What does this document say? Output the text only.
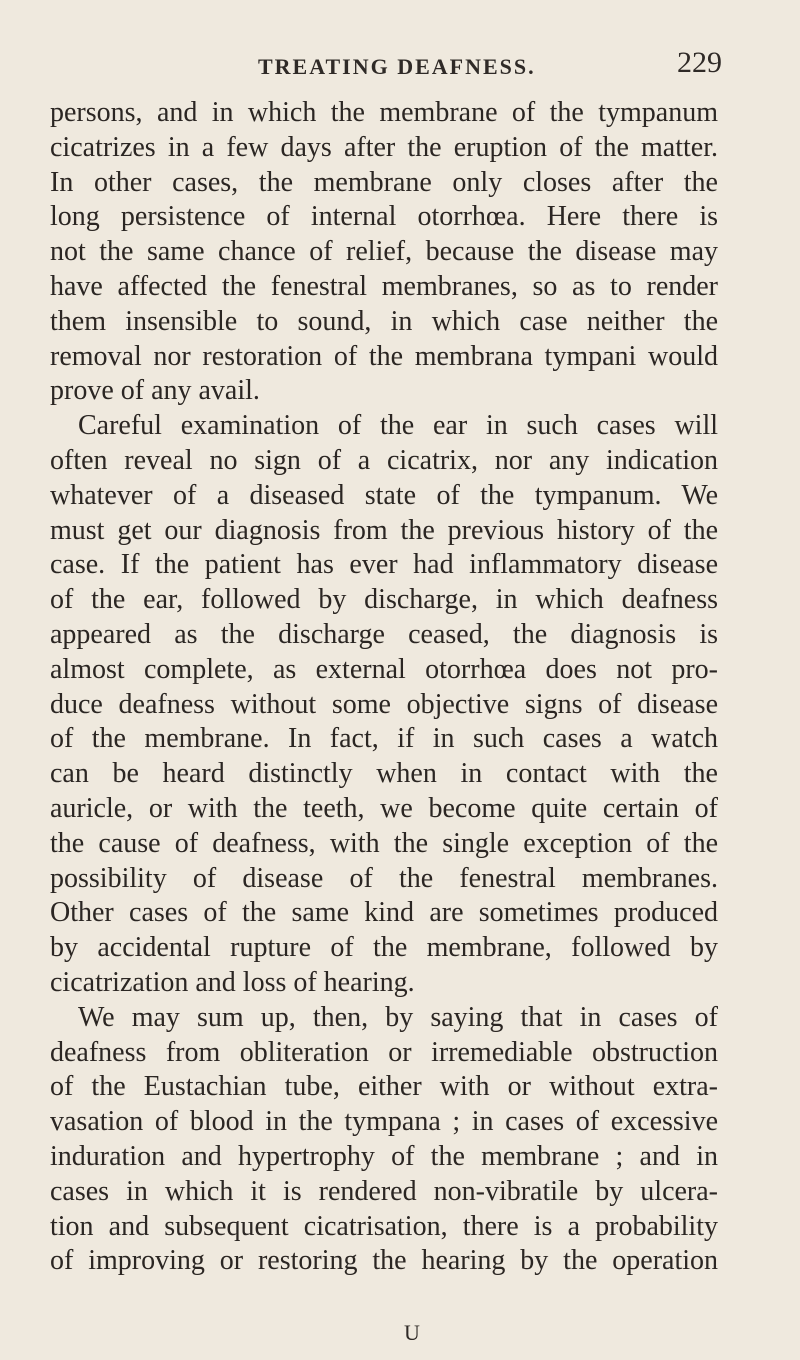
TREATING DEAFNESS.	229
persons, and in which the membrane of the tympanum
cicatrizes in a few days after the eruption of the matter.
In other cases, the membrane only closes after the
long persistence of internal otorrhœa. Here there is
not the same chance of relief, because the disease may
have affected the fenestral membranes, so as to render
them insensible to sound, in which case neither the
removal nor restoration of the membrana tympani would
prove of any avail.
Careful examination of the ear in such cases will
often reveal no sign of a cicatrix, nor any indication
whatever of a diseased state of the tympanum. We
must get our diagnosis from the previous history of the
case. If the patient has ever had inflammatory disease
of the ear, followed by discharge, in which deafness
appeared as the discharge ceased, the diagnosis is
almost complete, as external otorrhœa does not pro-
duce deafness without some objective signs of disease
of the membrane. In fact, if in such cases a watch
can be heard distinctly when in contact with the
auricle, or with the teeth, we become quite certain of
the cause of deafness, with the single exception of the
possibility of disease of the fenestral membranes.
Other cases of the same kind are sometimes produced
by accidental rupture of the membrane, followed by
cicatrization and loss of hearing.
We may sum up, then, by saying that in cases of
deafness from obliteration or irremediable obstruction
of the Eustachian tube, either with or without extra-
vasation of blood in the tympana ; in cases of excessive
induration and hypertrophy of the membrane ; and in
cases in which it is rendered non-vibratile by ulcera-
tion and subsequent cicatrisation, there is a probability
of improving or restoring the hearing by the operation
U
